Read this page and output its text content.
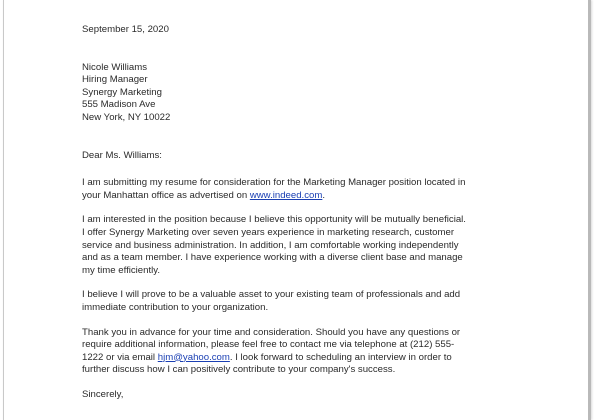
September 15, 2020
Nicole Williams
Hiring Manager
Synergy Marketing
555 Madison Ave
New York, NY 10022
Dear Ms. Williams:
I am submitting my resume for consideration for the Marketing Manager position located in
your Manhattan office as advertised on www.indeed.com.
I am interested in the position because I believe this opportunity will be mutually beneficial.
I offer Synergy Marketing over seven years experience in marketing research, customer
service and business administration. In addition, I am comfortable working independently
and as a team member. I have experience working with a diverse client base and manage
my time efficiently.
I believe I will prove to be a valuable asset to your existing team of professionals and add
immediate contribution to your organization.
Thank you in advance for your time and consideration. Should you have any questions or
require additional information, please feel free to contact me via telephone at (212) 555-
1222 or via email hjm@yahoo.com. I look forward to scheduling an interview in order to
further discuss how I can positively contribute to your company's success.
Sincerely,
